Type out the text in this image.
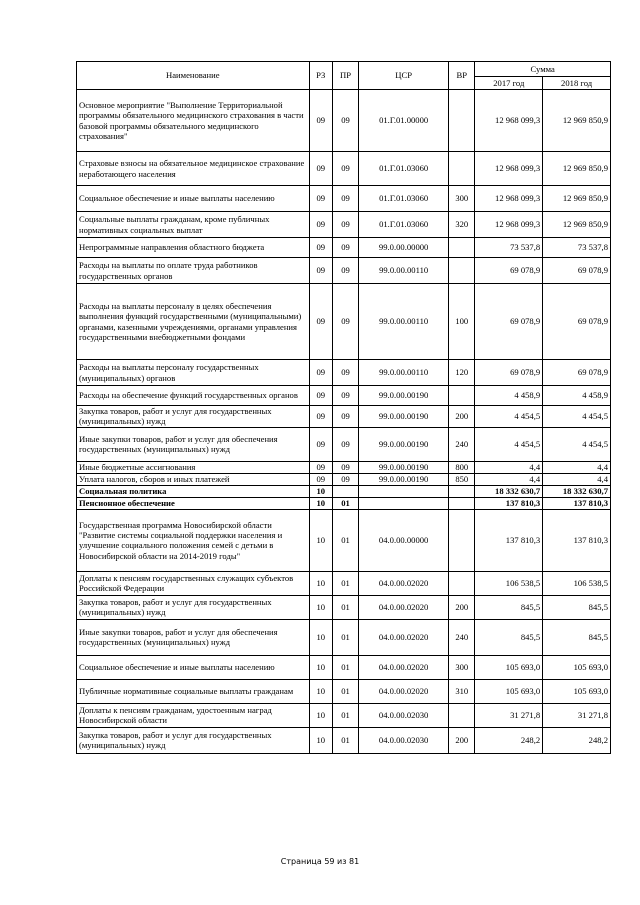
Наименование	РЗ	ПР	ЦСР	ВР	Сумма	
					2017 год	2018 год
Основное мероприятие "Выполнение Территориальной программы обязательного медицинского страхования в части базовой программы обязательного медицинского страхования"	09	09	01.Г.01.00000		12 968 099,3	12 969 850,9
Страховые взносы на обязательное медицинское страхование неработающего населения	09	09	01.Г.01.03060		12 968 099,3	12 969 850,9
Социальное обеспечение и иные выплаты населению	09	09	01.Г.01.03060	300	12 968 099,3	12 969 850,9
Социальные выплаты гражданам, кроме публичных нормативных социальных выплат	09	09	01.Г.01.03060	320	12 968 099,3	12 969 850,9
Непрограммные направления областного бюджета	09	09	99.0.00.00000		73 537,8	73 537,8
Расходы на выплаты по оплате труда работников государственных органов	09	09	99.0.00.00110		69 078,9	69 078,9
Расходы на выплаты персоналу в целях обеспечения выполнения функций государственными (муниципальными) органами, казенными учреждениями, органами управления государственными внебюджетными фондами	09	09	99.0.00.00110	100	69 078,9	69 078,9
Расходы на выплаты персоналу государственных (муниципальных) органов	09	09	99.0.00.00110	120	69 078,9	69 078,9
Расходы на обеспечение функций государственных органов	09	09	99.0.00.00190		4 458,9	4 458,9
Закупка товаров, работ и услуг для государственных (муниципальных) нужд	09	09	99.0.00.00190	200	4 454,5	4 454,5
Иные закупки товаров, работ и услуг для обеспечения государственных (муниципальных) нужд	09	09	99.0.00.00190	240	4 454,5	4 454,5
Иные бюджетные ассигнования	09	09	99.0.00.00190	800	4,4	4,4
Уплата налогов, сборов и иных платежей	09	09	99.0.00.00190	850	4,4	4,4
Социальная политика	10				18 332 630,7	18 332 630,7
Пенсионное обеспечение	10	01			137 810,3	137 810,3
Государственная программа Новосибирской области "Развитие системы социальной поддержки населения и улучшение социального положения семей с детьми в Новосибирской области на 2014-2019 годы"	10	01	04.0.00.00000		137 810,3	137 810,3
Доплаты к пенсиям государственных служащих субъектов Российской Федерации	10	01	04.0.00.02020		106 538,5	106 538,5
Закупка товаров, работ и услуг для государственных (муниципальных) нужд	10	01	04.0.00.02020	200	845,5	845,5
Иные закупки товаров, работ и услуг для обеспечения государственных (муниципальных) нужд	10	01	04.0.00.02020	240	845,5	845,5
Социальное обеспечение и иные выплаты населению	10	01	04.0.00.02020	300	105 693,0	105 693,0
Публичные нормативные социальные выплаты гражданам	10	01	04.0.00.02020	310	105 693,0	105 693,0
Доплаты к пенсиям гражданам, удостоенным наград Новосибирской области	10	01	04.0.00.02030		31 271,8	31 271,8
Закупка товаров, работ и услуг для государственных (муниципальных) нужд	10	01	04.0.00.02030	200	248,2	248,2
Страница 59 из 81
